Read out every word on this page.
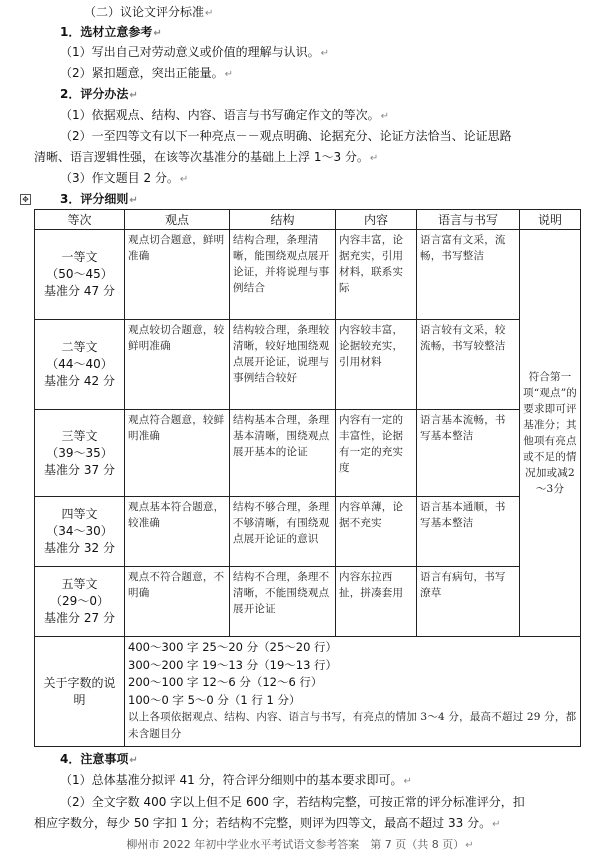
（二）议论文评分标准↵
1．选材立意参考↵
（1）写出自己对劳动意义或价值的理解与认识。↵
（2）紧扣题意，突出正能量。↵
2．评分办法↵
（1）依据观点、结构、内容、语言与书写确定作文的等次。↵
（2）一至四等文有以下一种亮点－－观点明确、论据充分、论证方法恰当、论证思路
清晰、语言逻辑性强，在该等次基准分的基础上上浮 1～3 分。↵
（3）作文题目 2 分。↵
✥	3．评分细则↵
等次	观点	结构	内容	语言与书写	说明

一等文
（50～45）
基准分 47 分	观点切合题意，鲜明准确	结构合理，条理清晰，能围绕观点展开论证，并将说理与事例结合	内容丰富，论据充实，引用材料，联系实际	语言富有文采，流畅，书写整洁	符合第一项“观点”的要求即可评基准分；其他项有亮点或不足的情况加或减2～3分

二等文
（44～40）
基准分 42 分	观点较切合题意，较鲜明准确	结构较合理，条理较清晰，较好地围绕观点展开论证，说理与事例结合较好	内容较丰富，论据较充实，引用材料	语言较有文采，较流畅，书写较整洁	

三等文
（39～35）
基准分 37 分	观点符合题意，较鲜明准确	结构基本合理，条理基本清晰，围绕观点展开基本的论证	内容有一定的丰富性，论据有一定的充实度	语言基本流畅，书写基本整洁	

四等文
（34～30）
基准分 32 分	观点基本符合题意，较准确	结构不够合理，条理不够清晰，有围绕观点展开论证的意识	内容单薄，论据不充实	语言基本通顺，书写基本整洁	

五等文
（29～0）
基准分 27 分	观点不符合题意，不明确	结构不合理，条理不清晰，不能围绕观点展开论证	内容东拉西扯，拼凑套用	语言有病句，书写潦草	
关于字数的说明	400～300 字 25～20 分（25～20 行）
300～200 字 19～13 分（19～13 行）
200～100 字 12～6 分（12～6 行）
100～0 字 5～0 分（1 行 1 分）
以上各项依据观点、结构、内容、语言与书写，有亮点的情加 3～4 分，最高不超过 29 分，都未含题目分				
4．注意事项↵
（1）总体基准分拟评 41 分，符合评分细则中的基本要求即可。↵
（2）全文字数 400 字以上但不足 600 字，若结构完整，可按正常的评分标准评分，扣
相应字数分，每少 50 字扣 1 分；若结构不完整，则评为四等文，最高不超过 33 分。↵
柳州市 2022 年初中学业水平考试语文参考答案　第 7 页（共 8 页）↵
